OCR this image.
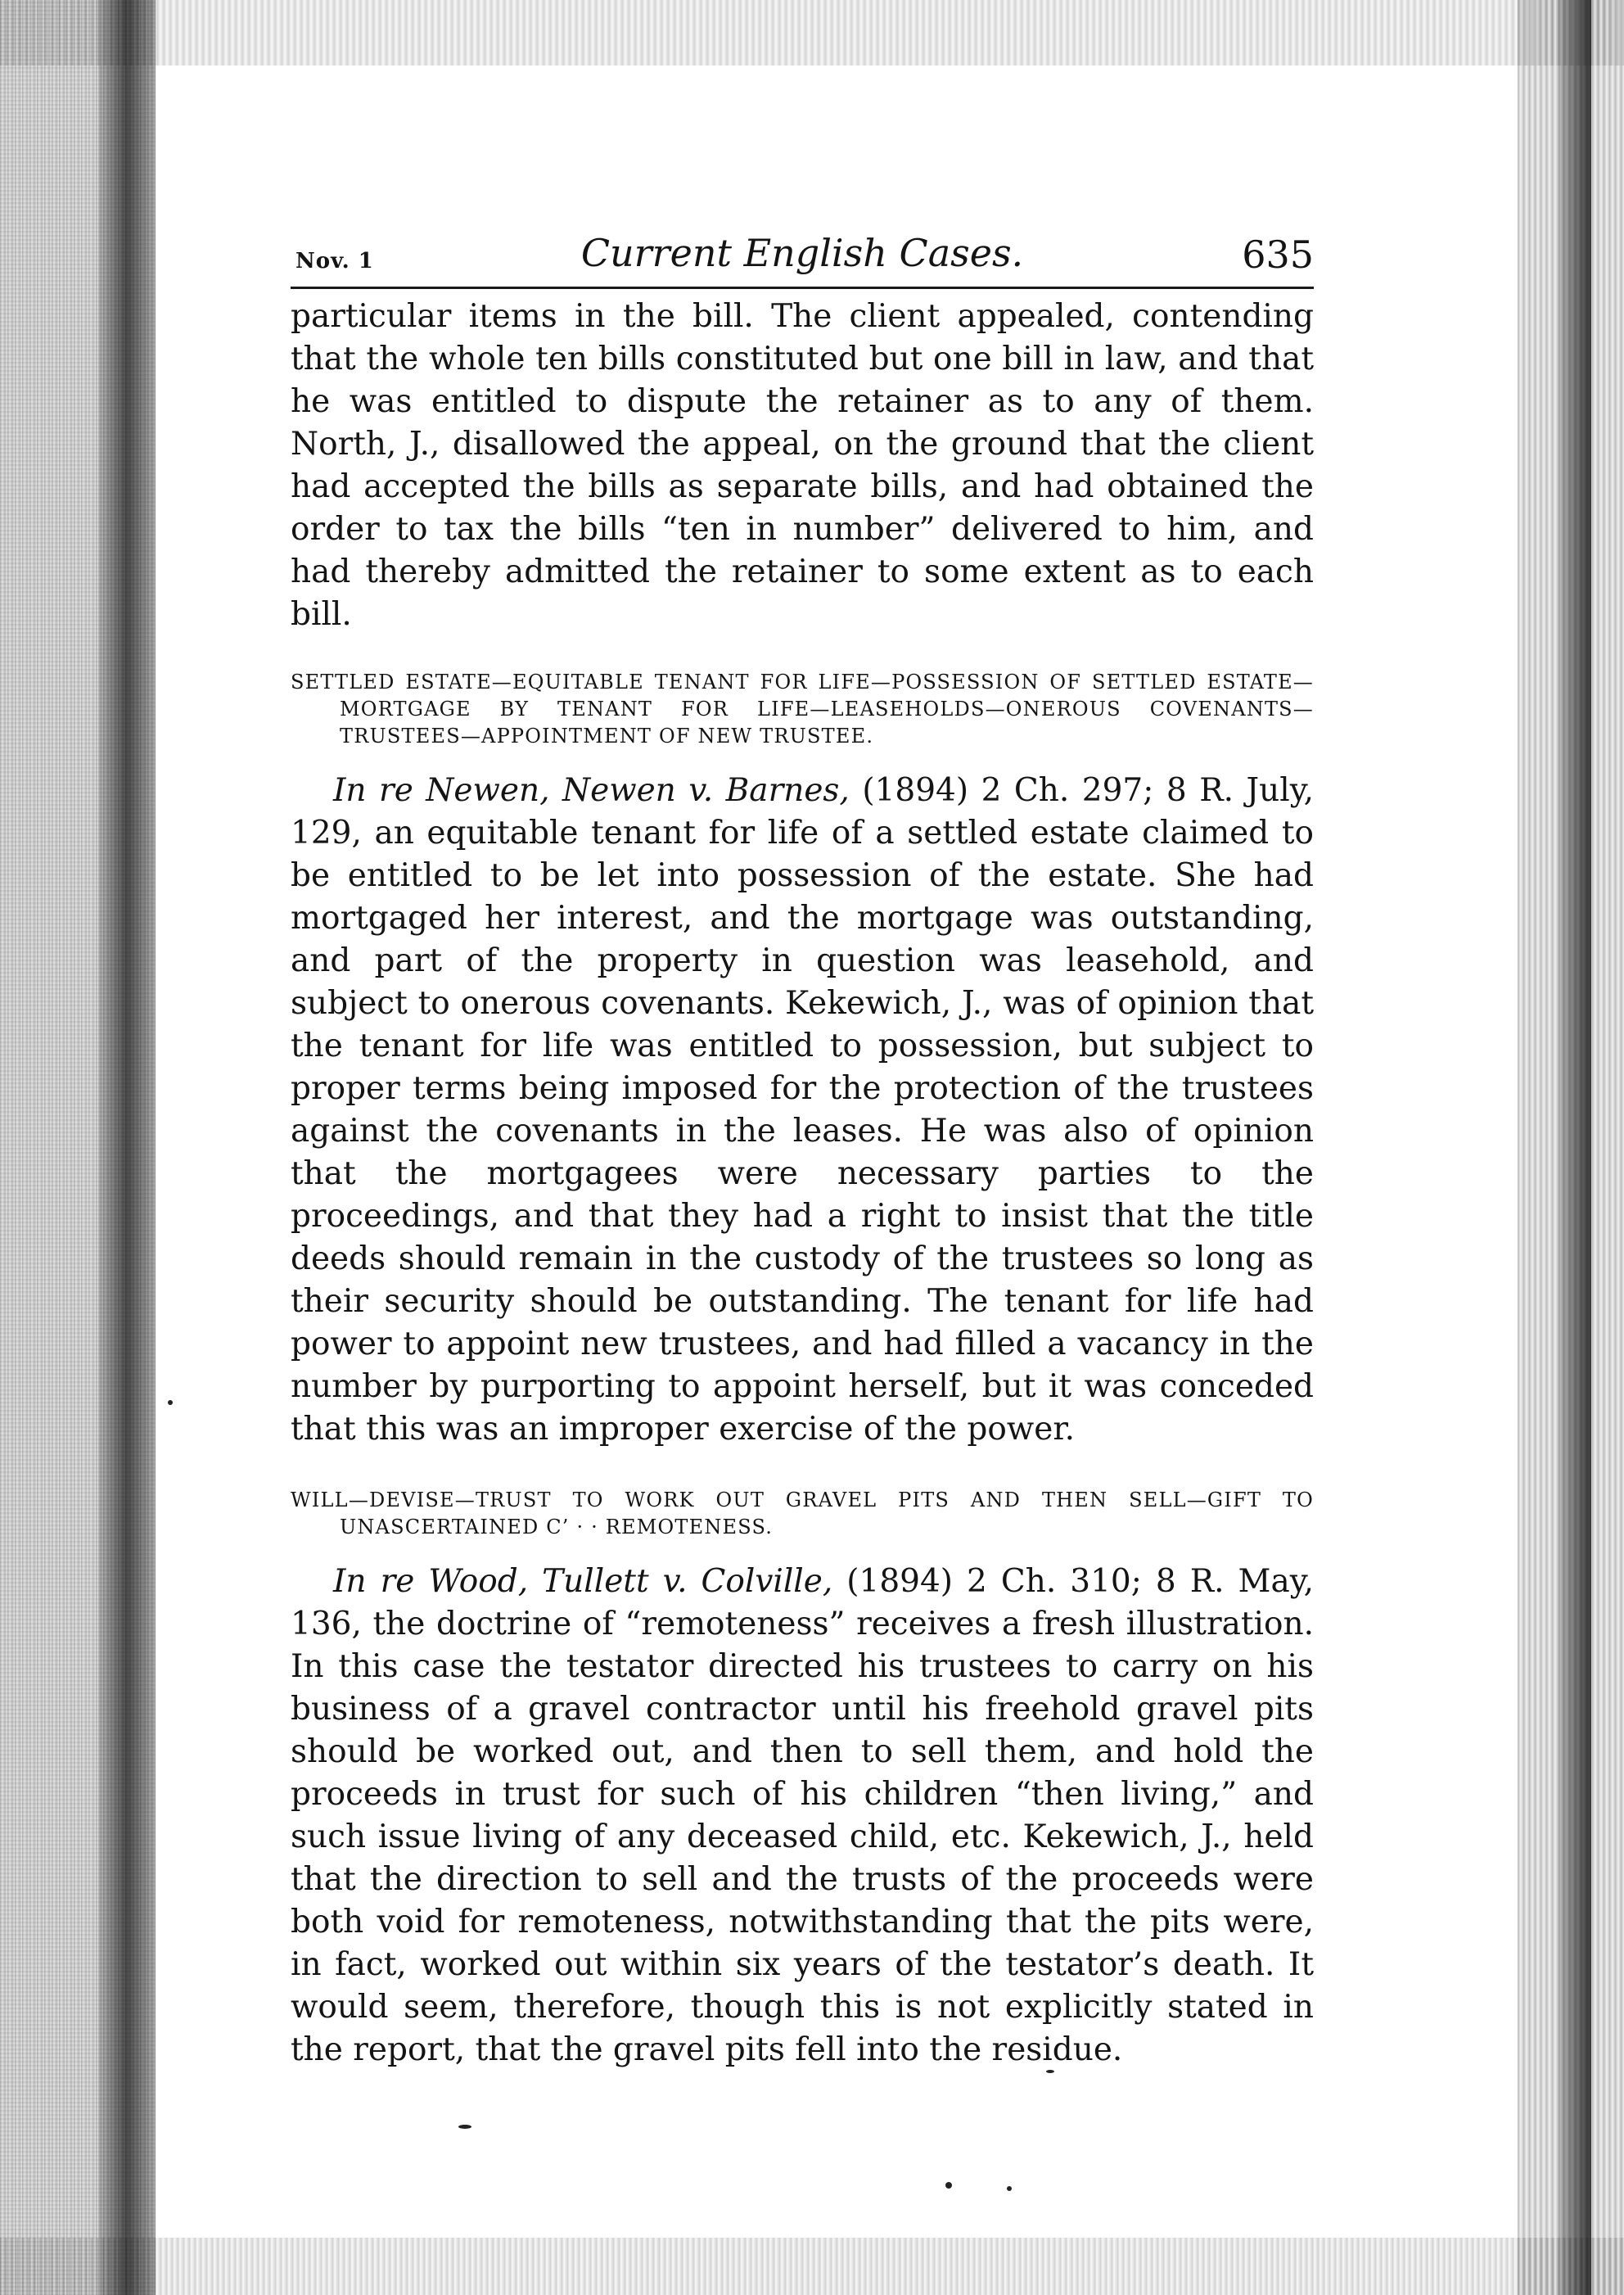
Nov. 1	Current English Cases.	635

particular items in the bill. The client appealed, contending that the whole ten bills constituted but one bill in law, and that he was entitled to dispute the retainer as to any of them. North, J., disallowed the appeal, on the ground that the client had accepted the bills as separate bills, and had obtained the order to tax the bills “ten in number” delivered to him, and had thereby admitted the retainer to some extent as to each bill.

SETTLED ESTATE—EQUITABLE TENANT FOR LIFE—POSSESSION OF SETTLED ESTATE—MORTGAGE BY TENANT FOR LIFE—LEASEHOLDS—ONEROUS COVENANTS—TRUSTEES—APPOINTMENT OF NEW TRUSTEE.

In re Newen, Newen v. Barnes, (1894) 2 Ch. 297; 8 R. July, 129, an equitable tenant for life of a settled estate claimed to be entitled to be let into possession of the estate. She had mortgaged her interest, and the mortgage was outstanding, and part of the property in question was leasehold, and subject to onerous covenants. Kekewich, J., was of opinion that the tenant for life was entitled to possession, but subject to proper terms being imposed for the protection of the trustees against the covenants in the leases. He was also of opinion that the mortgagees were necessary parties to the proceedings, and that they had a right to insist that the title deeds should remain in the custody of the trustees so long as their security should be outstanding. The tenant for life had power to appoint new trustees, and had filled a vacancy in the number by purporting to appoint herself, but it was conceded that this was an improper exercise of the power.

WILL—DEVISE—TRUST TO WORK OUT GRAVEL PITS AND THEN SELL—GIFT TO UNASCERTAINED C’ · · REMOTENESS.

In re Wood, Tullett v. Colville, (1894) 2 Ch. 310; 8 R. May, 136, the doctrine of “remoteness” receives a fresh illustration. In this case the testator directed his trustees to carry on his business of a gravel contractor until his freehold gravel pits should be worked out, and then to sell them, and hold the proceeds in trust for such of his children “then living,” and such issue living of any deceased child, etc. Kekewich, J., held that the direction to sell and the trusts of the proceeds were both void for remoteness, notwithstanding that the pits were, in fact, worked out within six years of the testator’s death. It would seem, therefore, though this is not explicitly stated in the report, that the gravel pits fell into the residue.
